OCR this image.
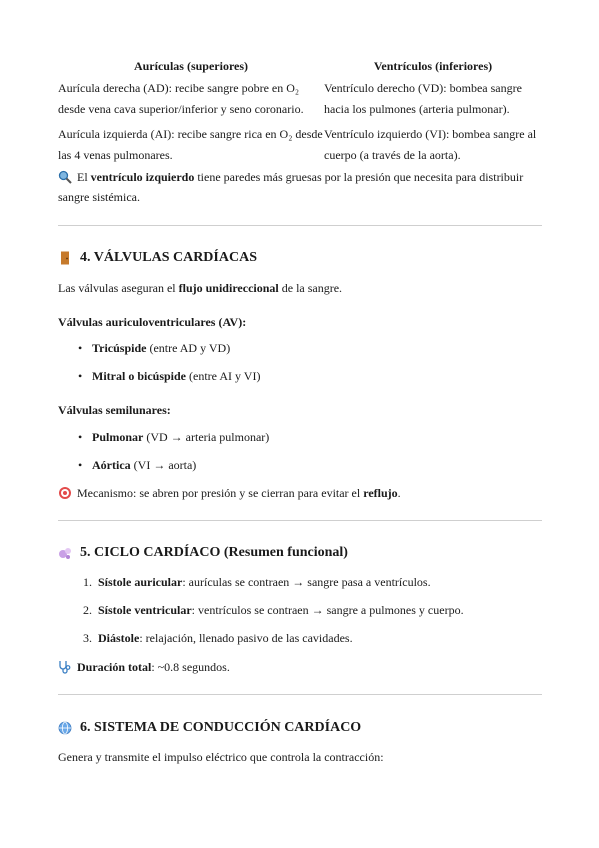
Aurículas (superiores)	Ventrículos (inferiores)
Aurícula derecha (AD): recibe sangre pobre en O₂ desde vena cava superior/inferior y seno coronario.	Ventrículo derecho (VD): bombea sangre hacia los pulmones (arteria pulmonar).
Aurícula izquierda (AI): recibe sangre rica en O₂ desde las 4 venas pulmonares.	Ventrículo izquierdo (VI): bombea sangre al cuerpo (a través de la aorta).
El ventrículo izquierdo tiene paredes más gruesas por la presión que necesita para distribuir sangre sistémica.
4. VÁLVULAS CARDÍACAS
Las válvulas aseguran el flujo unidireccional de la sangre.
Válvulas auriculoventriculares (AV):
• Tricúspide (entre AD y VD)
• Mitral o bicúspide (entre AI y VI)
Válvulas semilunares:
• Pulmonar (VD → arteria pulmonar)
• Aórtica (VI → aorta)
Mecanismo: se abren por presión y se cierran para evitar el reflujo.
5. CICLO CARDÍACO (Resumen funcional)
1. Sístole auricular: aurículas se contraen → sangre pasa a ventrículos.
2. Sístole ventricular: ventrículos se contraen → sangre a pulmones y cuerpo.
3. Diástole: relajación, llenado pasivo de las cavidades.
Duración total: ~0.8 segundos.
6. SISTEMA DE CONDUCCIÓN CARDÍACO
Genera y transmite el impulso eléctrico que controla la contracción:
